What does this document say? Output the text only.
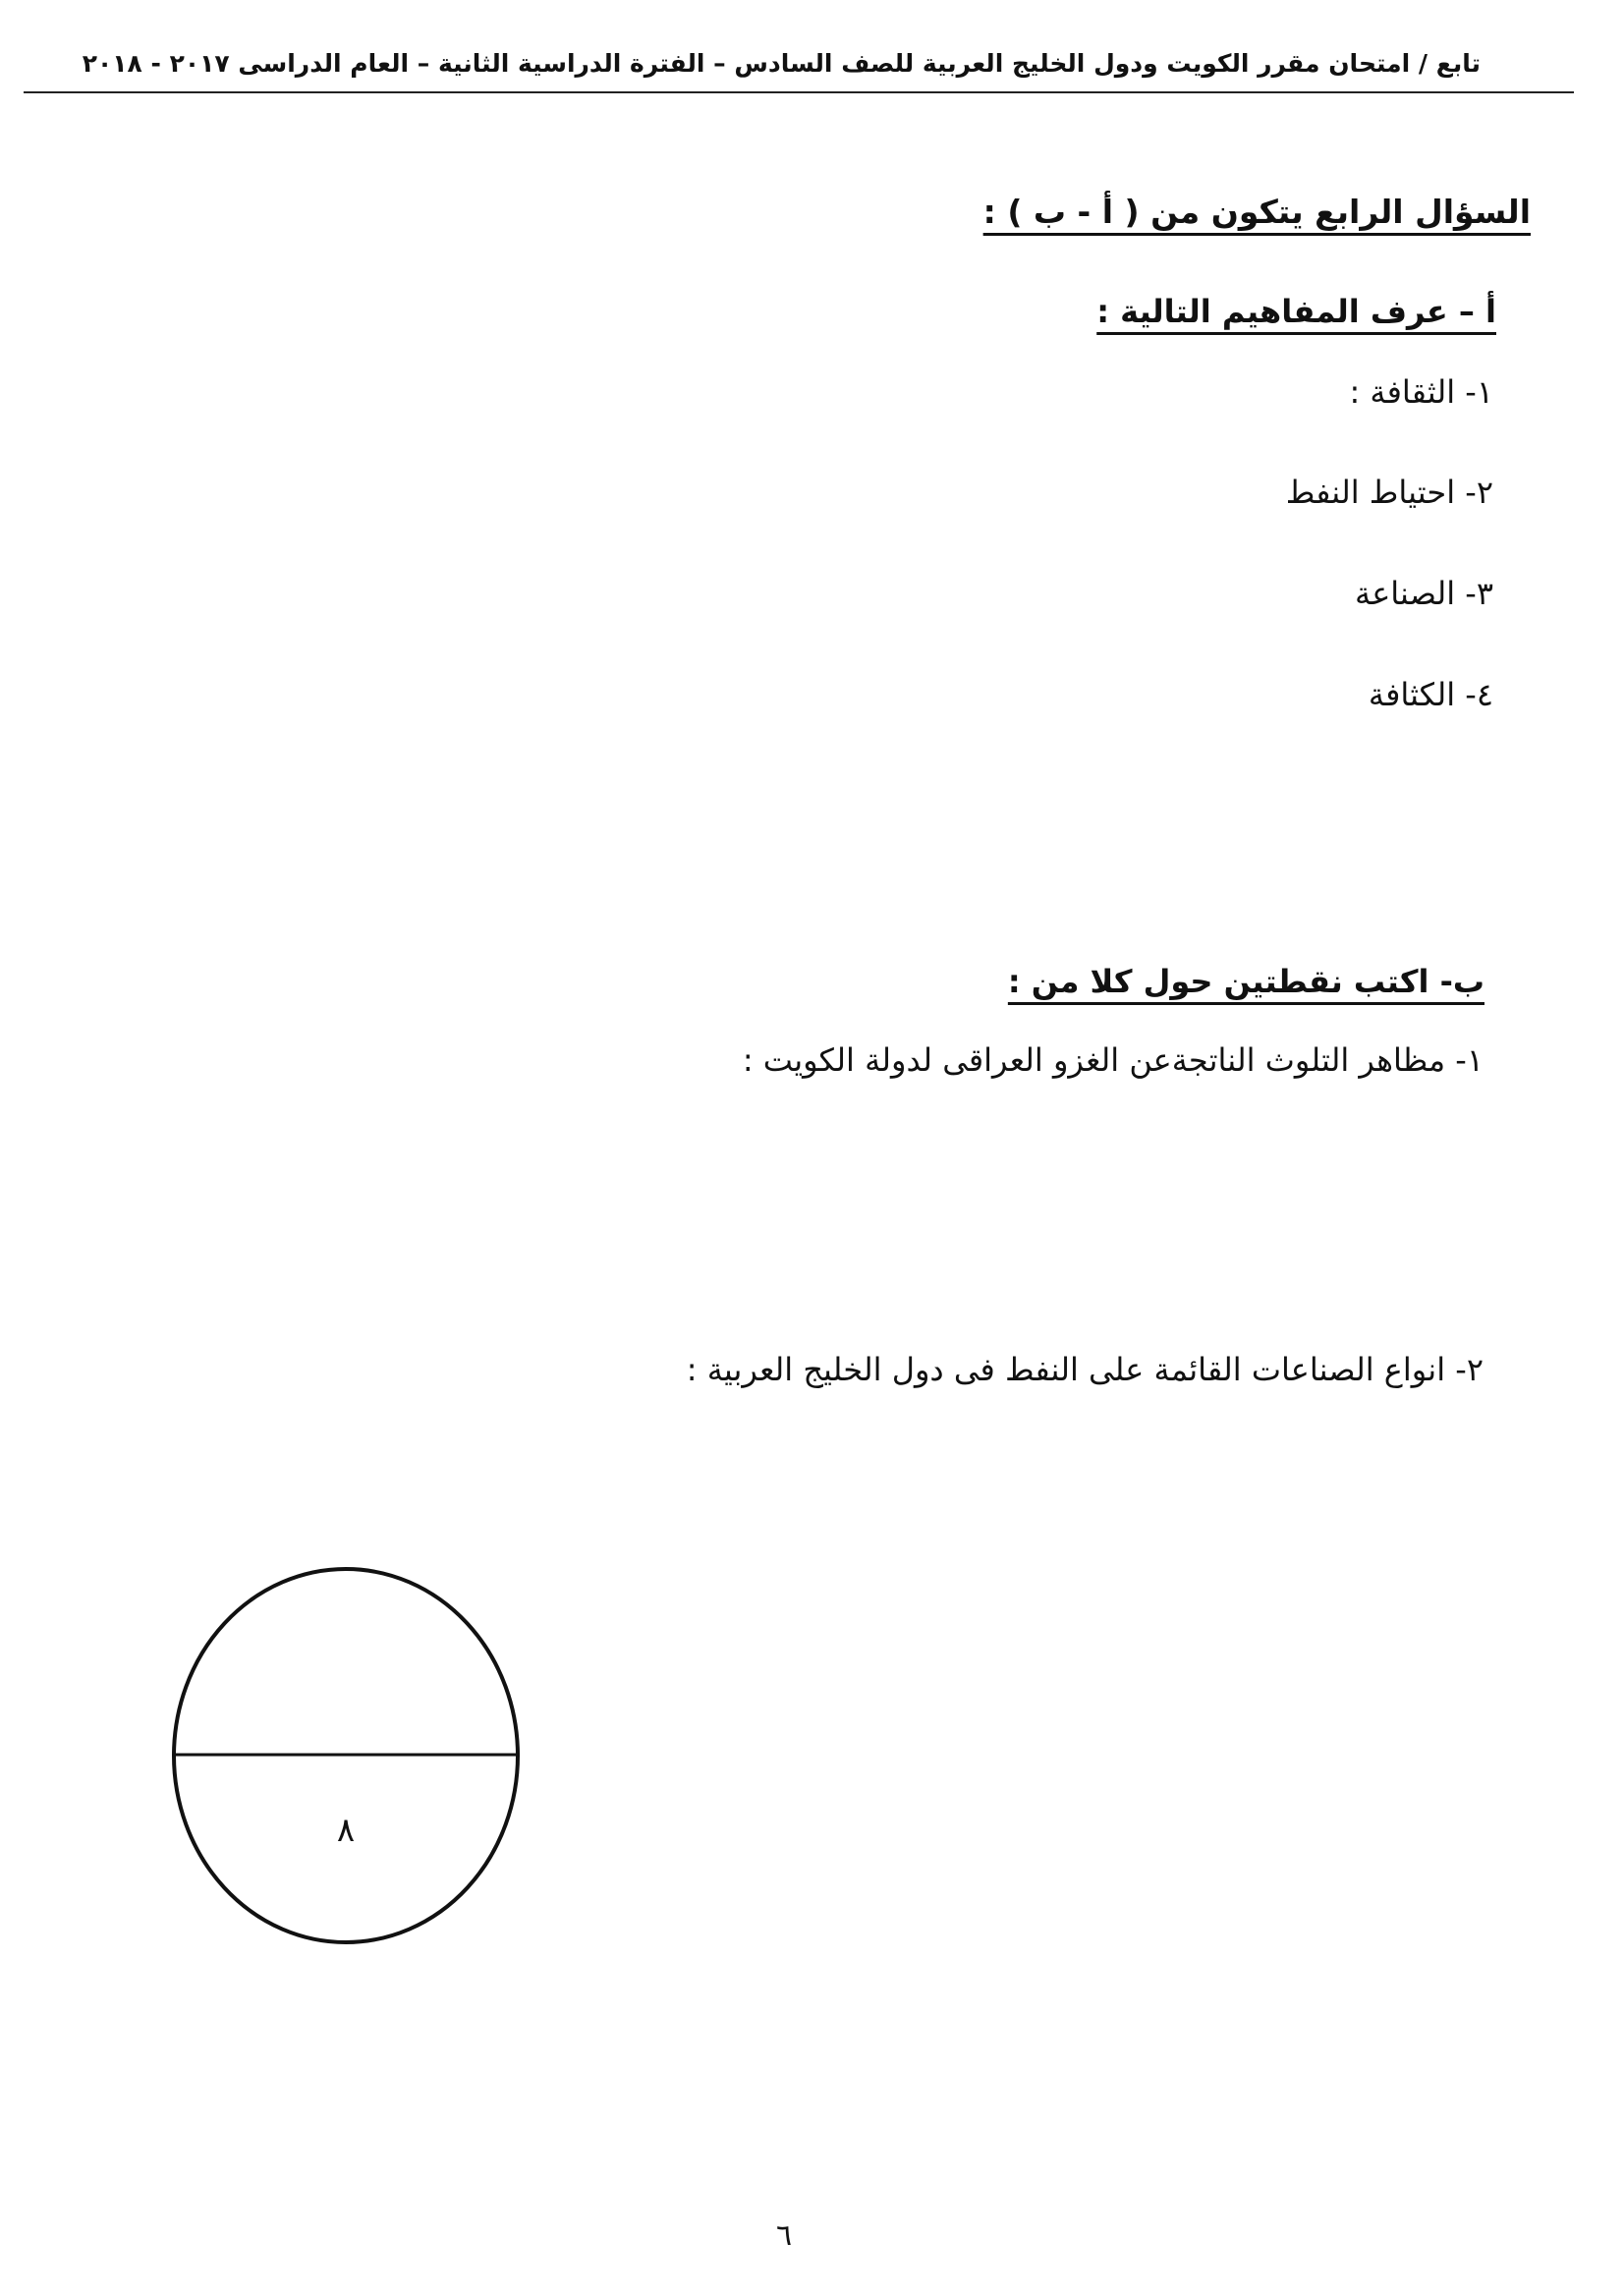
تابع / امتحان مقرر الكويت ودول الخليج العربية للصف السادس – الفترة الدراسية الثانية – العام الدراسى ٢٠١٧ - ٢٠١٨
السؤال الرابع يتكون من ( أ - ب ) :
أ – عرف المفاهيم التالية :
١- الثقافة :
٢- احتياط النفط
٣- الصناعة
٤- الكثافة
ب- اكتب نقطتين حول كلا من :
١- مظاهر التلوث الناتجةعن الغزو العراقى لدولة الكويت :
٢- انواع الصناعات القائمة على النفط فى دول الخليج العربية :
٨
٦
